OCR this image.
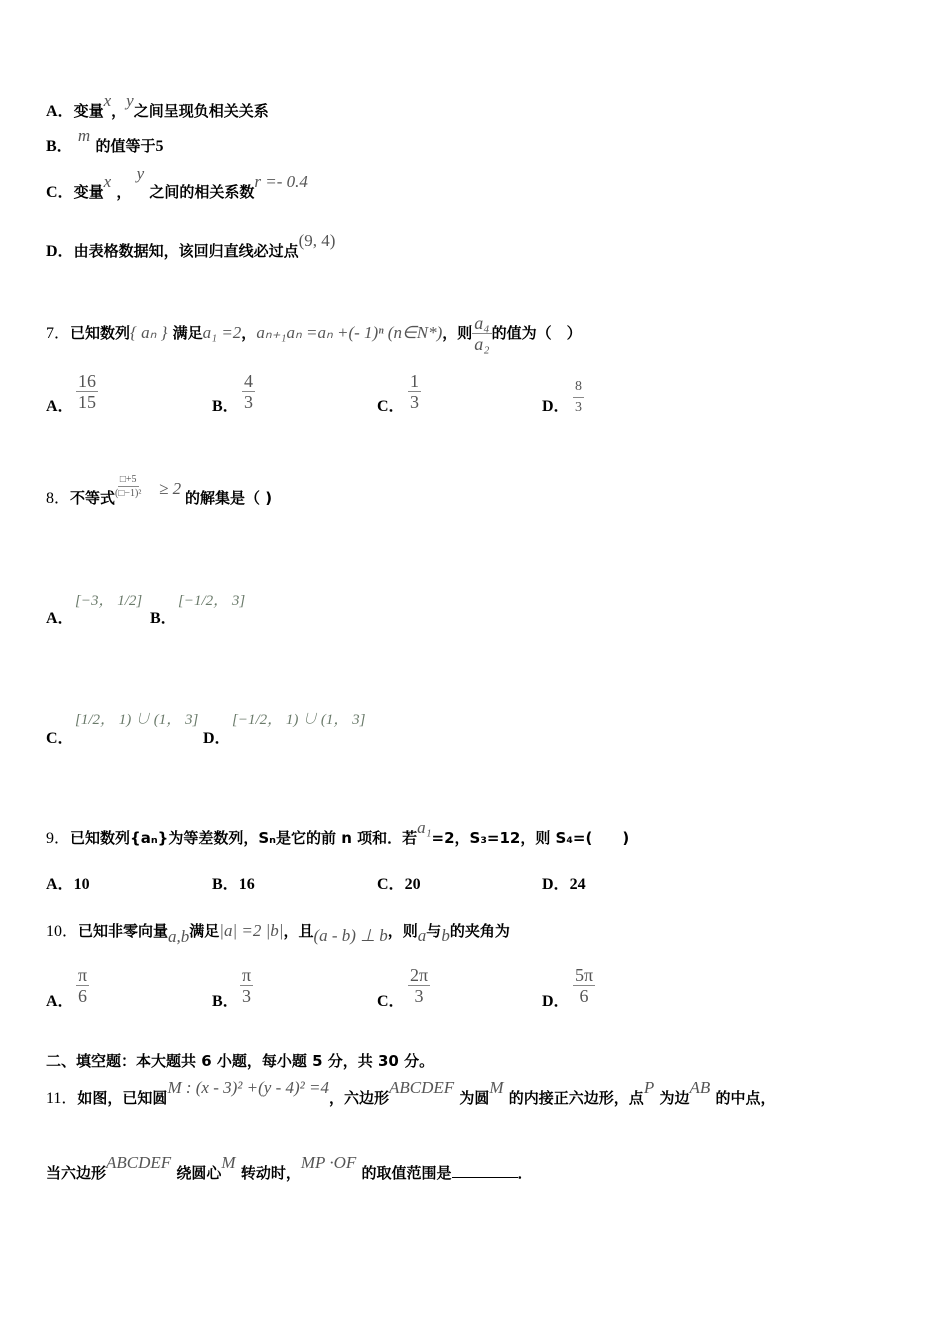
A．变量x，y之间呈现负相关关系
B． m 的值等于5
C．变量x ， y 之间的相关系数r =- 0.4
D．由表格数据知，该回归直线必过点(9, 4)
7．已知数列{ aₙ } 满足a₁ =2，aₙ₊₁aₙ =aₙ +(- 1)ⁿ (n∈N*)，则 $\frac{\text{a₄}}{\text{a₂}}$ 的值为（　）
A． $\frac{16}{15}$	B． $\frac{4}{3}$	C． $\frac{1}{3}$	D． $\frac{8}{3}$
8．不等式 $\frac{□+5}{\text{(□−1)²}} \ge 2$ 的解集是（ )
A．
[−3， 1/2]
B．
[−1/2， 3]
C．
[1/2， 1) ∪ (1， 3]
D．
[−1/2， 1) ∪ (1， 3]
9．已知数列{aₙ}为等差数列，Sₙ是它的前 n 项和．若a₁=2，S₃=12，则 S₄=(　　)
A．10	B．16	C．20	D．24
10．已知非零向量a,b满足|a| =2 |b|，且(a - b) ⊥ b，则a与b的夹角为
A． $\frac{\pi}{6}$	B． $\frac{\pi}{3}$	C． $\frac{2\pi}{3}$	D． $\frac{5\pi}{6}$
二、填空题：本大题共 6 小题，每小题 5 分，共 30 分。
11．如图，已知圆M : (x - 3)² +(y - 4)² =4，六边形ABCDEF 为圆M 的内接正六边形，点P 为边AB 的中点，
当六边形ABCDEF 绕圆心M 转动时，MP ·OF 的取值范围是	．
